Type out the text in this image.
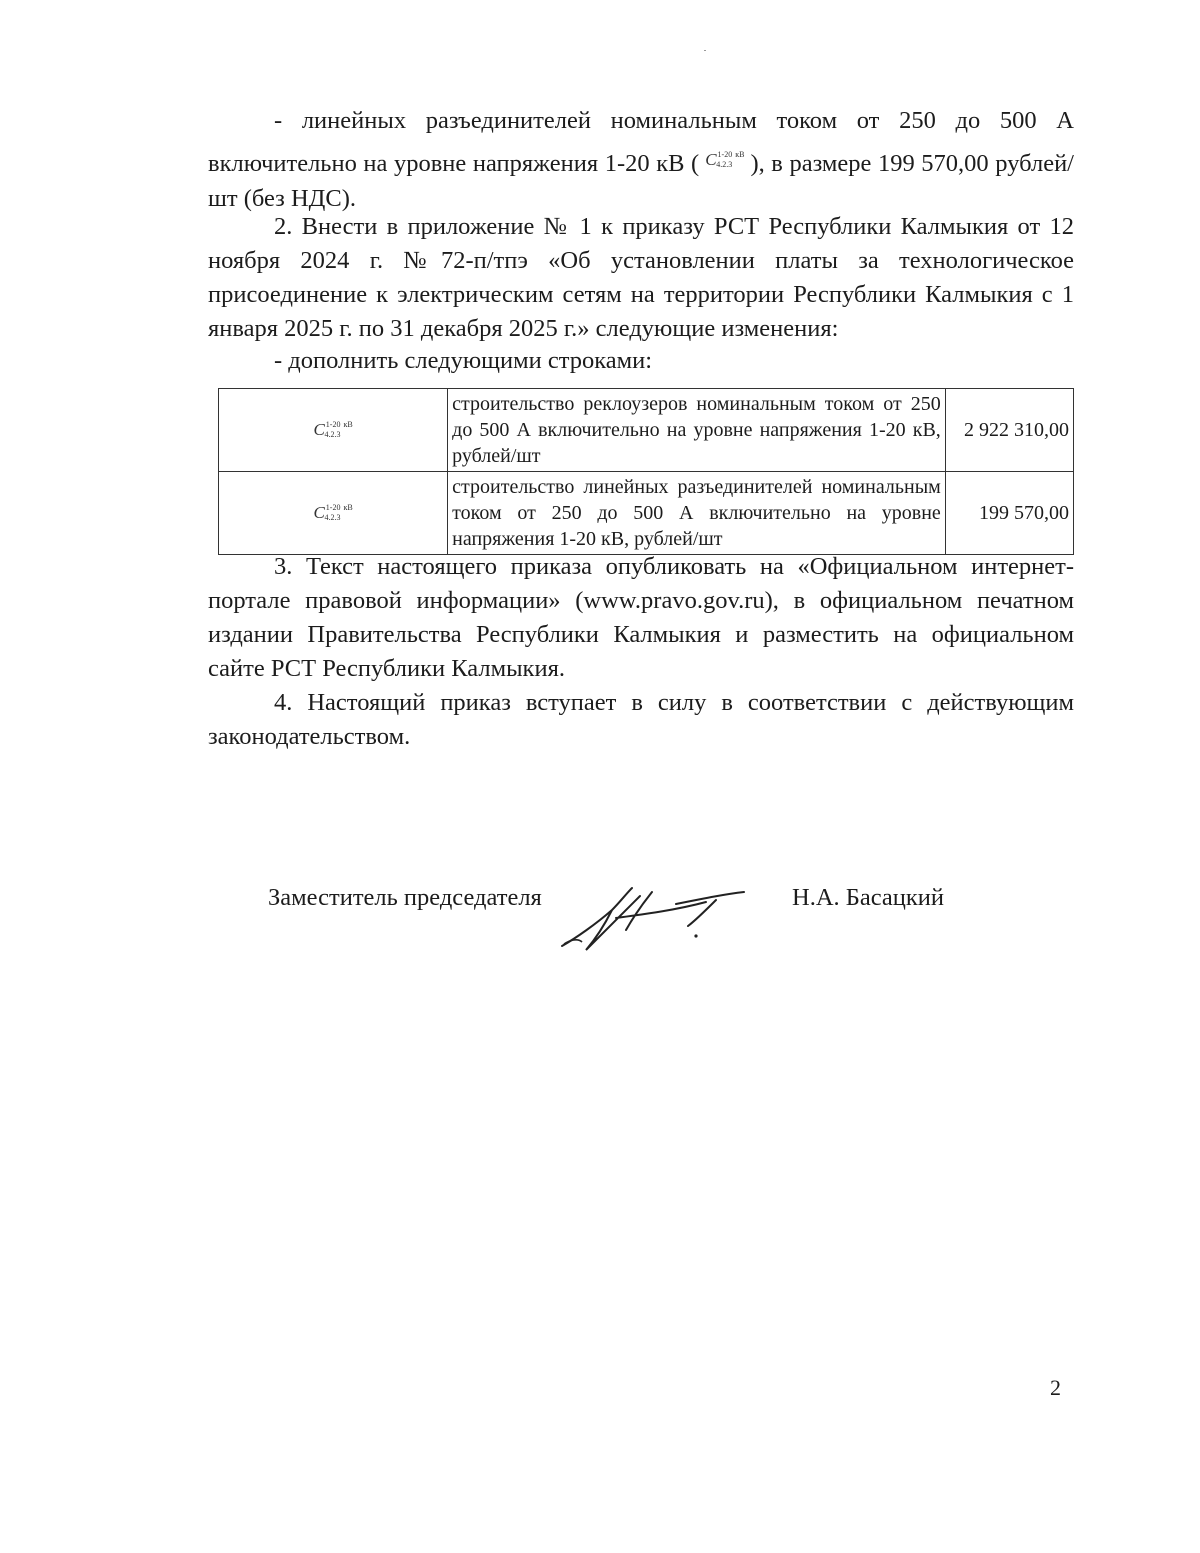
- линейных разъединителей номинальным током от 250 до 500 А включительно на уровне напряжения 1-20 кВ ( $C^{1-20}_{4.2.3}^{кВ}$ ), в размере 199 570,00 рублей/шт (без НДС).
2. Внести в приложение № 1 к приказу РСТ Республики Калмыкия от 12 ноября 2024 г. №72-п/тпэ «Об установлении платы за технологическое присоединение к электрическим сетям на территории Республики Калмыкия с 1 января 2025 г. по 31 декабря 2025 г.» следующие изменения:
- дополнить следующими строками:
$C^{1-20}_{4.2.3}^{кВ}$	строительство реклоузеров номинальным током от 250 до 500 А включительно на уровне напряжения 1-20 кВ, рублей/шт	2 922 310,00
$C^{1-20}_{4.2.3}^{кВ}$	строительство линейных разъединителей номинальным током от 250 до 500 А включительно на уровне напряжения 1-20 кВ, рублей/шт	199 570,00
3. Текст настоящего приказа опубликовать на «Официальном интернет-портале правовой информации» (www.pravo.gov.ru), в официальном печатном издании Правительства Республики Калмыкия и разместить на официальном сайте РСТ Республики Калмыкия.
4. Настоящий приказ вступает в силу в соответствии с действующим законодательством.
Заместитель председателя	Н.А. Басацкий
2
